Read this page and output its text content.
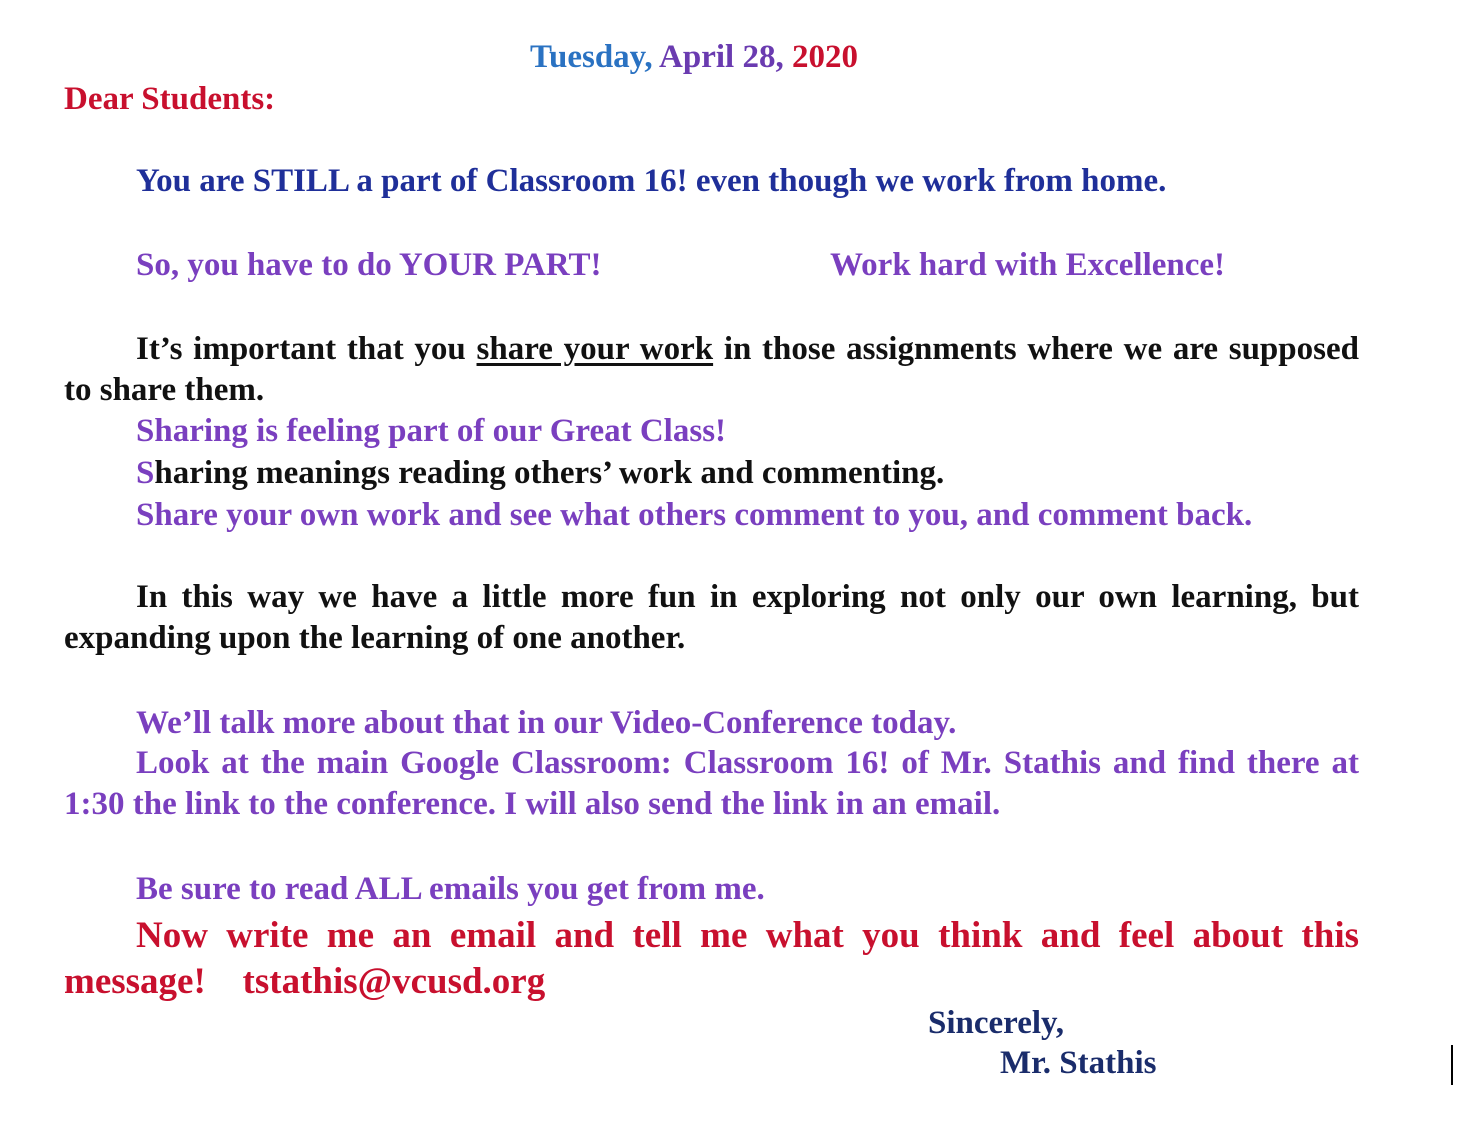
Tuesday, April 28, 2020
Dear Students:
You are STILL a part of Classroom 16! even though we work from home.
So, you have to do YOUR PART!	Work hard with Excellence!
It’s important that you share your work in those assignments where we are supposed to share them.
Sharing is feeling part of our Great Class!
Sharing meanings reading others’ work and commenting.
Share your own work and see what others comment to you, and comment back.
In this way we have a little more fun in exploring not only our own learning, but expanding upon the learning of one another.
We’ll talk more about that in our Video-Conference today.
Look at the main Google Classroom: Classroom 16! of Mr. Stathis and find there at 1:30 the link to the conference. I will also send the link in an email.
Be sure to read ALL emails you get from me.
Now write me an email and tell me what you think and feel about this message! tstathis@vcusd.org
Sincerely,
Mr. Stathis
